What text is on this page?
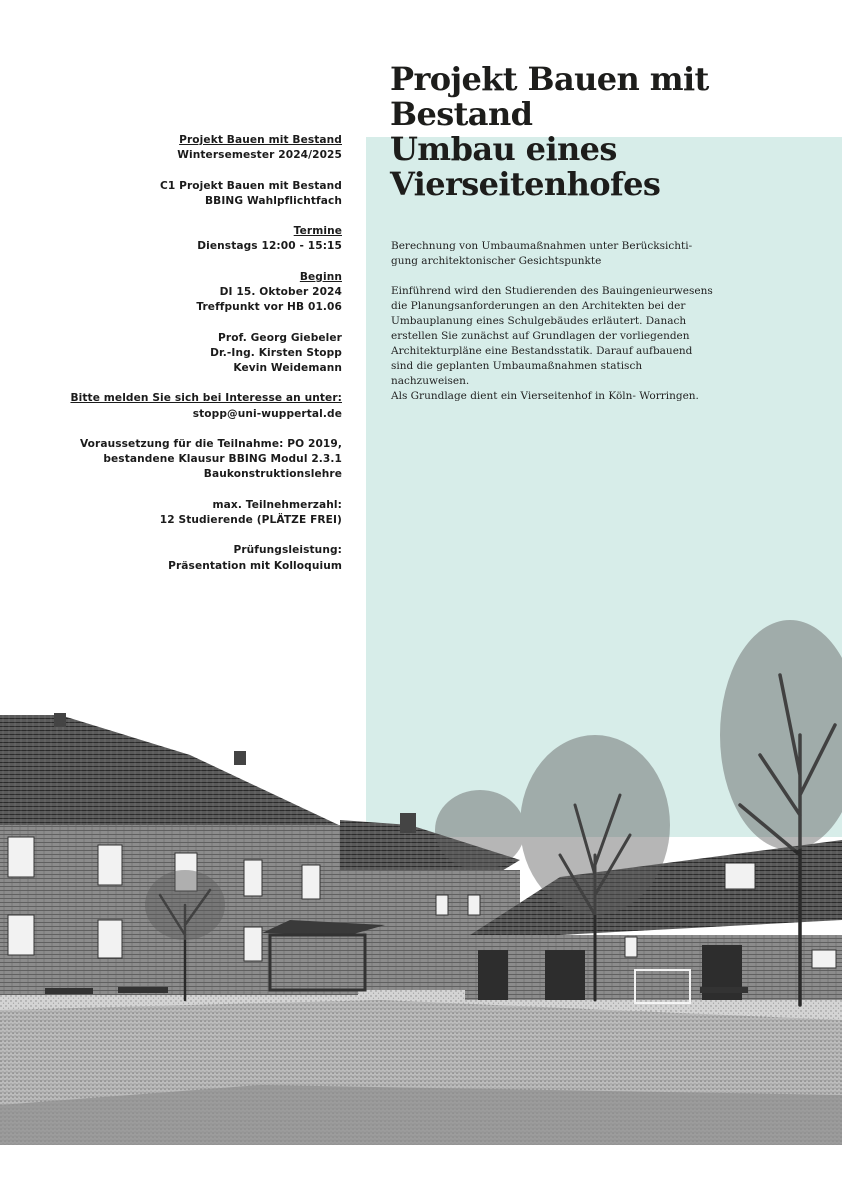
Projekt Bauen mit
Bestand
Umbau eines
Vierseitenhofes
Projekt Bauen mit Bestand
Wintersemester 2024/2025
C1 Projekt Bauen mit Bestand
BBING Wahlpflichtfach
Termine
Dienstags 12:00 - 15:15
Beginn
DI 15. Oktober 2024
Treffpunkt vor HB 01.06
Prof. Georg Giebeler
Dr.-Ing. Kirsten Stopp
Kevin Weidemann
Bitte melden Sie sich bei Interesse an unter:
stopp@uni-wuppertal.de
Voraussetzung für die Teilnahme: PO 2019,
bestandene Klausur BBING Modul 2.3.1
Baukonstruktionslehre
max. Teilnehmerzahl:
12 Studierende (PLÄTZE FREI)
Prüfungsleistung:
Präsentation mit Kolloquium
Berechnung von Umbaumaßnahmen unter Berücksichti-
gung architektonischer Gesichtspunkte
Einführend wird den Studierenden des Bauingenieurwesens
die Planungsanforderungen an den Architekten bei der
Umbauplanung eines Schulgebäudes erläutert. Danach
erstellen Sie zunächst auf Grundlagen der vorliegenden
Architekturpläne eine Bestandsstatik. Darauf aufbauend
sind die geplanten Umbaumaßnahmen statisch
nachzuweisen.
Als Grundlage dient ein Vierseitenhof in Köln- Worringen.
